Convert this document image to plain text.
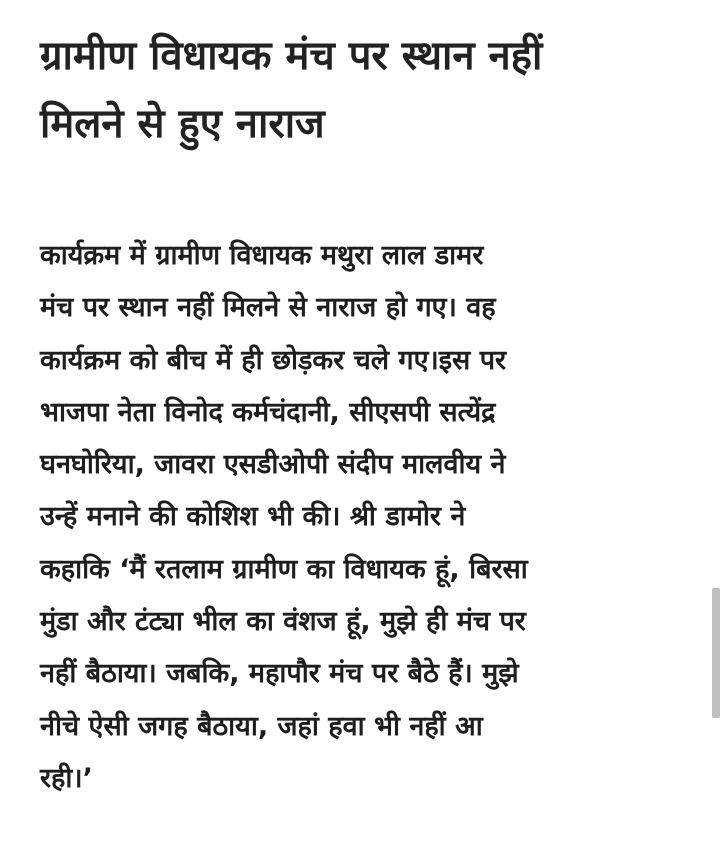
ग्रामीण विधायक मंच पर स्थान नहीं
मिलने से हुए नाराज

कार्यक्रम में ग्रामीण विधायक मथुरा लाल डामर
मंच पर स्थान नहीं मिलने से नाराज हो गए। वह
कार्यक्रम को बीच में ही छोड़कर चले गए।इस पर
भाजपा नेता विनोद कर्मचंदानी, सीएसपी सत्येंद्र
घनघोरिया, जावरा एसडीओपी संदीप मालवीय ने
उन्हें मनाने की कोशिश भी की। श्री डामोर ने
कहाकि ‘मैं रतलाम ग्रामीण का विधायक हूं, बिरसा
मुंडा और टंट्या भील का वंशज हूं, मुझे ही मंच पर
नहीं बैठाया। जबकि, महापौर मंच पर बैठे हैं। मुझे
नीचे ऐसी जगह बैठाया, जहां हवा भी नहीं आ
रही।’
